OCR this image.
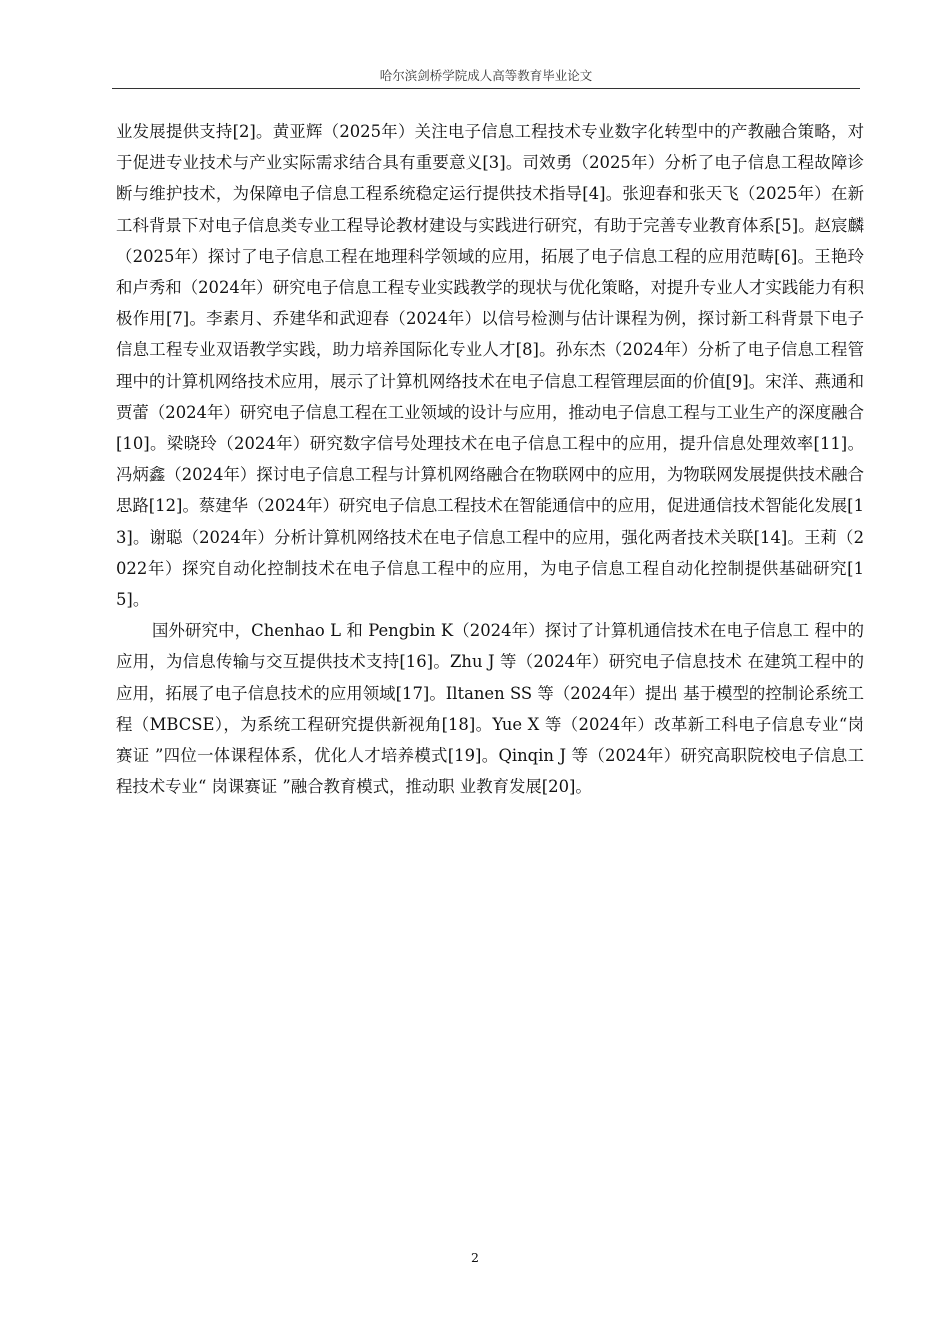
哈尔滨剑桥学院成人高等教育毕业论文

业发展提供支持[2]。黄亚辉（2025年）关注电子信息工程技术专业数字化转型中的产教融合策略，对于促进专业技术与产业实际需求结合具有重要意义[3]。司效勇（2025年）分析了电子信息工程故障诊断与维护技术，为保障电子信息工程系统稳定运行提供技术指导[4]。张迎春和张天飞（2025年）在新工科背景下对电子信息类专业工程导论教材建设与实践进行研究，有助于完善专业教育体系[5]。赵宸麟（2025年）探讨了电子信息工程在地理科学领域的应用，拓展了电子信息工程的应用范畴[6]。王艳玲和卢秀和（2024年）研究电子信息工程专业实践教学的现状与优化策略，对提升专业人才实践能力有积极作用[7]。李素月、乔建华和武迎春（2024年）以信号检测与估计课程为例，探讨新工科背景下电子信息工程专业双语教学实践，助力培养国际化专业人才[8]。孙东杰（2024年）分析了电子信息工程管理中的计算机网络技术应用，展示了计算机网络技术在电子信息工程管理层面的价值[9]。宋洋、燕通和贾蕾（2024年）研究电子信息工程在工业领域的设计与应用，推动电子信息工程与工业生产的深度融合[10]。梁晓玲（2024年）研究数字信号处理技术在电子信息工程中的应用，提升信息处理效率[11]。冯炳鑫（2024年）探讨电子信息工程与计算机网络融合在物联网中的应用，为物联网发展提供技术融合思路[12]。蔡建华（2024年）研究电子信息工程技术在智能通信中的应用，促进通信技术智能化发展[13]。谢聪（2024年）分析计算机网络技术在电子信息工程中的应用，强化两者技术关联[14]。王莉（2022年）探究自动化控制技术在电子信息工程中的应用，为电子信息工程自动化控制提供基础研究[15]。

国外研究中，Chenhao L 和 Pengbin K（2024年）探讨了计算机通信技术在电子信息工 程中的应用，为信息传输与交互提供技术支持[16]。Zhu J 等（2024年）研究电子信息技术 在建筑工程中的应用，拓展了电子信息技术的应用领域[17]。Iltanen SS 等（2024年）提出 基于模型的控制论系统工程（MBCSE），为系统工程研究提供新视角[18]。Yue X 等（2024年）改革新工科电子信息专业“岗赛证 ”四位一体课程体系，优化人才培养模式[19]。Qinqin J 等（2024年）研究高职院校电子信息工程技术专业“ 岗课赛证 ”融合教育模式，推动职 业教育发展[20]。

2
